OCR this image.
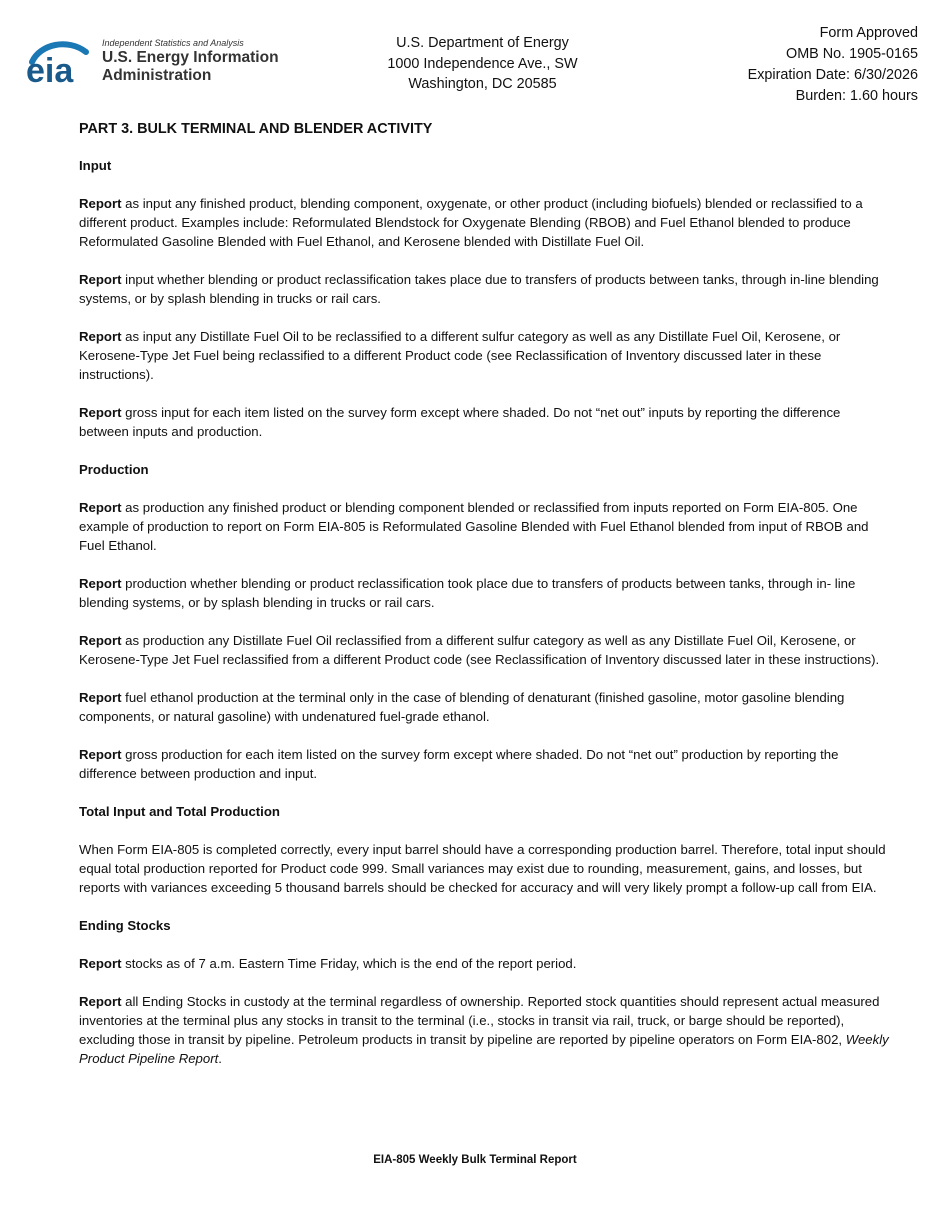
eia
Independent Statistics and Analysis
U.S. Energy Information
Administration
U.S. Department of Energy
1000 Independence Ave., SW
Washington, DC 20585
Form Approved
OMB No. 1905-0165
Expiration Date: 6/30/2026
Burden: 1.60 hours
PART 3. BULK TERMINAL AND BLENDER ACTIVITY
Input

Report as input any finished product, blending component, oxygenate, or other product (including biofuels) blended or reclassified to a different product. Examples include: Reformulated Blendstock for Oxygenate Blending (RBOB) and Fuel Ethanol blended to produce Reformulated Gasoline Blended with Fuel Ethanol, and Kerosene blended with Distillate Fuel Oil.

Report input whether blending or product reclassification takes place due to transfers of products between tanks, through in-line blending systems, or by splash blending in trucks or rail cars.

Report as input any Distillate Fuel Oil to be reclassified to a different sulfur category as well as any Distillate Fuel Oil, Kerosene, or Kerosene-Type Jet Fuel being reclassified to a different Product code (see Reclassification of Inventory discussed later in these instructions).

Report gross input for each item listed on the survey form except where shaded. Do not “net out” inputs by reporting the difference between inputs and production.

Production

Report as production any finished product or blending component blended or reclassified from inputs reported on Form EIA-805. One example of production to report on Form EIA-805 is Reformulated Gasoline Blended with Fuel Ethanol blended from input of RBOB and Fuel Ethanol.

Report production whether blending or product reclassification took place due to transfers of products between tanks, through in- line blending systems, or by splash blending in trucks or rail cars.

Report as production any Distillate Fuel Oil reclassified from a different sulfur category as well as any Distillate Fuel Oil, Kerosene, or Kerosene-Type Jet Fuel reclassified from a different Product code (see Reclassification of Inventory discussed later in these instructions).

Report fuel ethanol production at the terminal only in the case of blending of denaturant (finished gasoline, motor gasoline blending components, or natural gasoline) with undenatured fuel-grade ethanol.

Report gross production for each item listed on the survey form except where shaded. Do not “net out” production by reporting the difference between production and input.

Total Input and Total Production

When Form EIA-805 is completed correctly, every input barrel should have a corresponding production barrel. Therefore, total input should equal total production reported for Product code 999. Small variances may exist due to rounding, measurement, gains, and losses, but reports with variances exceeding 5 thousand barrels should be checked for accuracy and will very likely prompt a follow-up call from EIA.

Ending Stocks

Report stocks as of 7 a.m. Eastern Time Friday, which is the end of the report period.

Report all Ending Stocks in custody at the terminal regardless of ownership. Reported stock quantities should represent actual measured inventories at the terminal plus any stocks in transit to the terminal (i.e., stocks in transit via rail, truck, or barge should be reported), excluding those in transit by pipeline. Petroleum products in transit by pipeline are reported by pipeline operators on Form EIA-802, Weekly Product Pipeline Report.

EIA-805 Weekly Bulk Terminal Report
